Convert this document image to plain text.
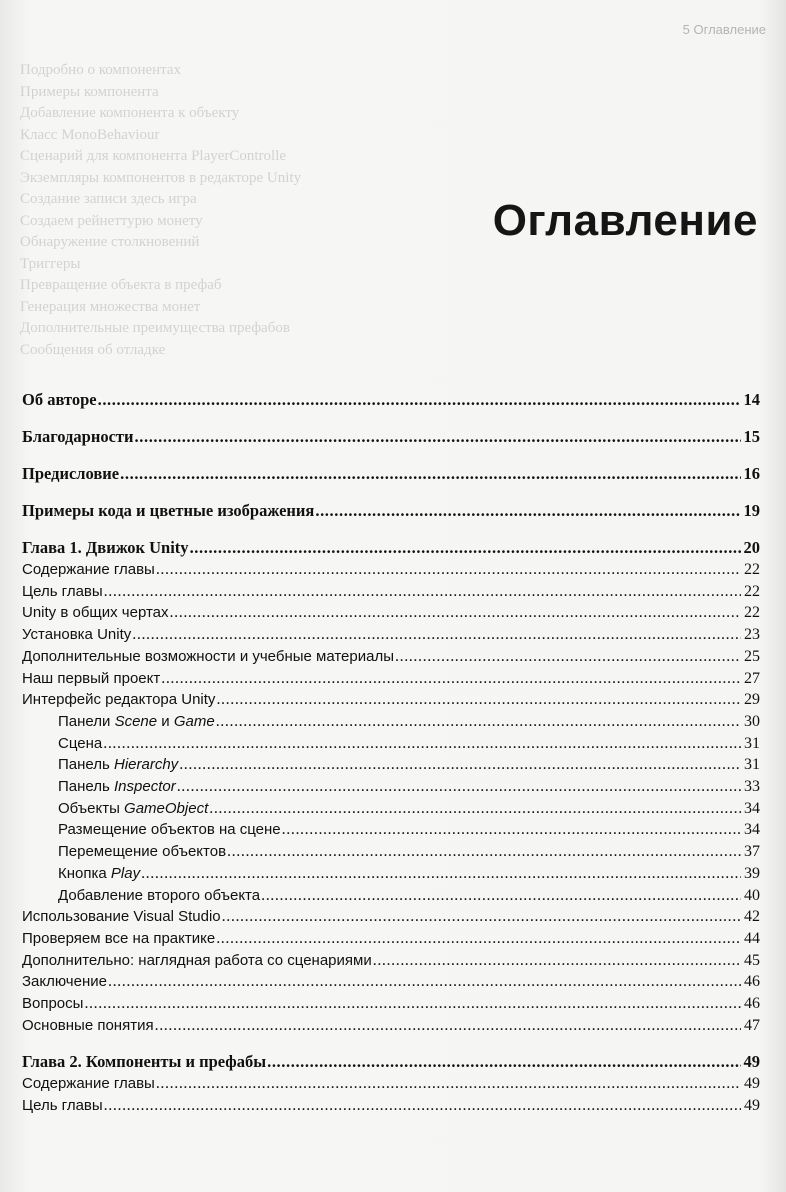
5 Оглавление
Подробно о компонентах
Примеры компонента
Добавление компонента к объекту
Класс MonoBehaviour
Сценарий для компонента PlayerControlle
Экземпляры компонентов в редакторе Unity
Создание записи здесь игра
Создаем рейнеттурю монету
Обнаружение столкновений
Триггеры
Превращение объекта в префаб
Генерация множества монет
Дополнительные преимущества префабов
Сообщения об отладке
Оглавление
Об авторе .....	14
Благодарности .....	15
Предисловие .....	16
Примеры кода и цветные изображения .....	19
Глава 1. Движок Unity .....	20
Содержание главы .....	22
Цель главы .....	22
Unity в общих чертах .....	22
Установка Unity .....	23
Дополнительные возможности и учебные материалы .....	25
Наш первый проект .....	27
Интерфейс редактора Unity .....	29
Панели Scene и Game .....	30
Сцена .....	31
Панель Hierarchy .....	31
Панель Inspector .....	33
Объекты GameObject .....	34
Размещение объектов на сцене .....	34
Перемещение объектов .....	37
Кнопка Play .....	39
Добавление второго объекта .....	40
Использование Visual Studio .....	42
Проверяем все на практике .....	44
Дополнительно: наглядная работа со сценариями .....	45
Заключение .....	46
Вопросы .....	46
Основные понятия .....	47
Глава 2. Компоненты и префабы .....	49
Содержание главы .....	49
Цель главы .....	49
